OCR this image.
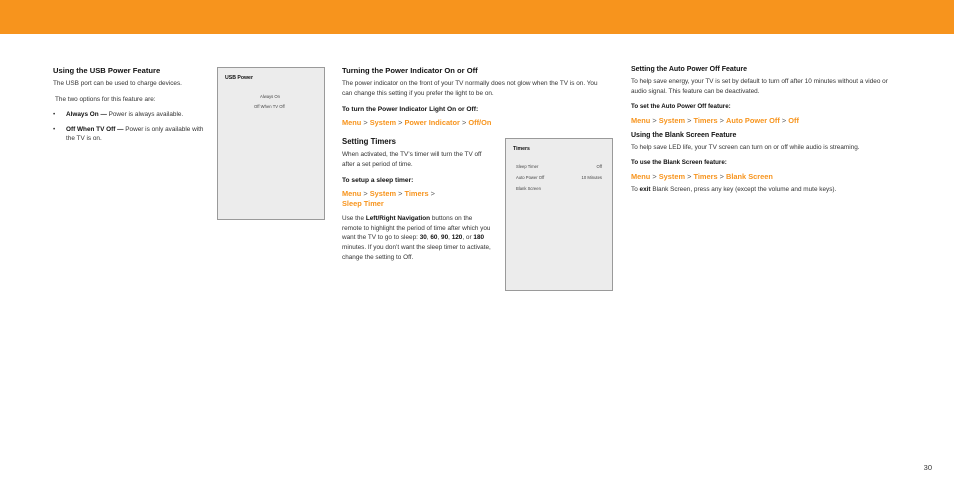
Using the USB Power Feature

The USB port can be used to charge devices.

The two options for this feature are:

•	Always On — Power is always available.
•	Off When TV Off — Power is only available with the TV is on.
USB Power
Always On
Off When TV Off

Turning the Power Indicator On or Off

The power indicator on the front of your TV normally does not glow when the TV is on. You can change this setting if you prefer the light to be on.

To turn the Power Indicator Light On or Off:

Menu > System > Power Indicator > Off/On

Setting Timers

When activated, the TV’s timer will turn the TV off after a set period of time.

To setup a sleep timer:

Menu > System > Timers >
Sleep Timer

Use the Left/Right Navigation buttons on the remote to highlight the period of time after which you want the TV to go to sleep: 30, 60, 90, 120, or 180 minutes. If you don’t want the sleep timer to activate, change the setting to Off.

Timers
Sleep Timer	Off
Auto Power Off	10 Minutes
Blank Screen

Setting the Auto Power Off Feature

To help save energy, your TV is set by default to turn off after 10 minutes without a video or audio signal. This feature can be deactivated.

To set the Auto Power Off feature:

Menu > System > Timers > Auto Power Off > Off

Using the Blank Screen Feature

To help save LED life, your TV screen can turn on or off while audio is streaming.

To use the Blank Screen feature:

Menu > System > Timers > Blank Screen

To exit Blank Screen, press any key (except the volume and mute keys).

30
